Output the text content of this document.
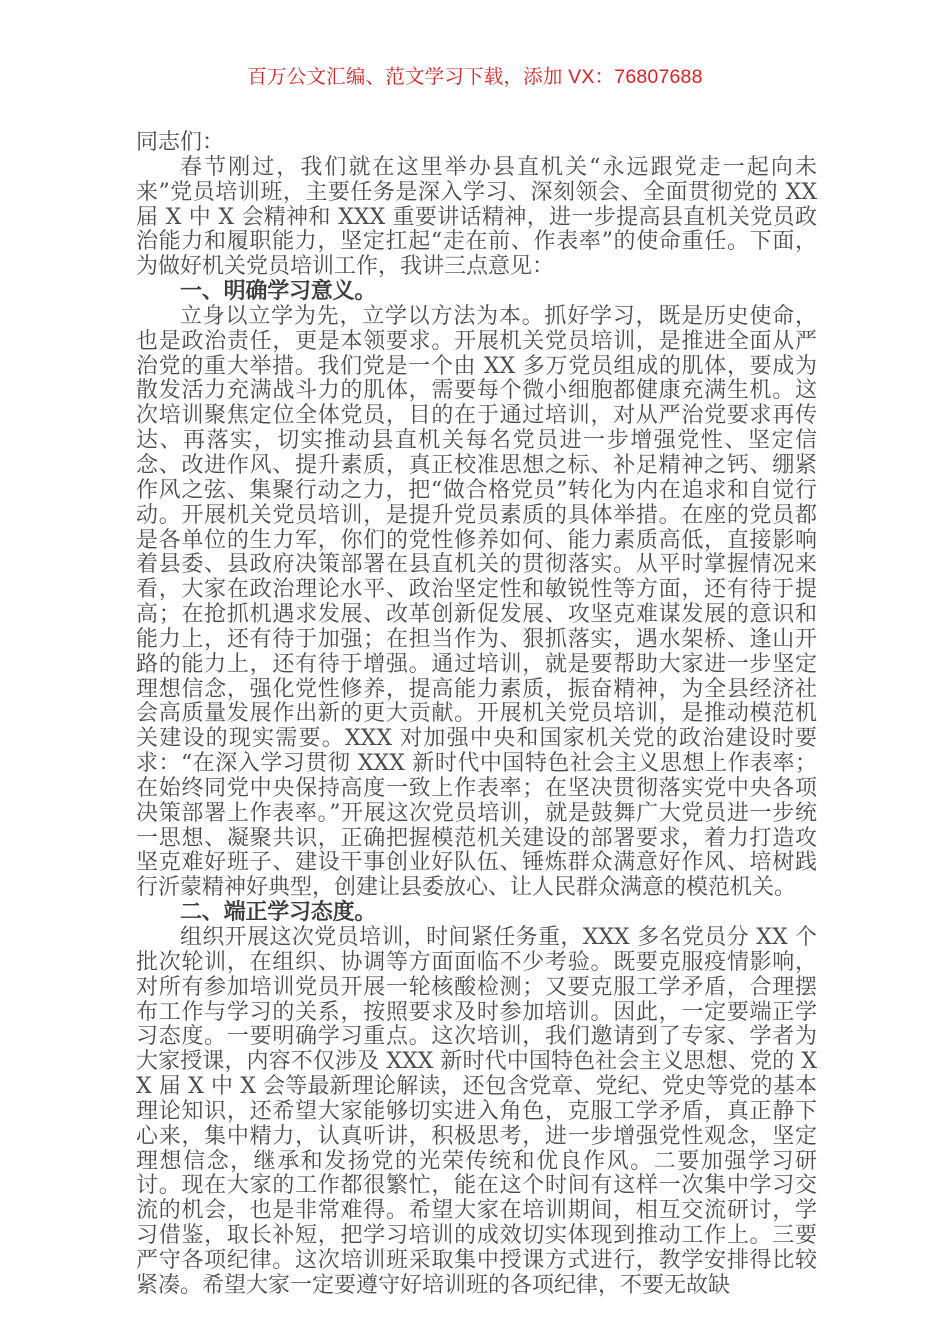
百万公文汇编、范文学习下载，添加 VX：76807688

同志们：

春节刚过，我们就在这里举办县直机关“永远跟党走一起向未来”党员培训班，主要任务是深入学习、深刻领会、全面贯彻党的 XX 届 X 中 X 会精神和 XXX 重要讲话精神，进一步提高县直机关党员政治能力和履职能力，坚定扛起“走在前、作表率”的使命重任。下面，为做好机关党员培训工作，我讲三点意见：

一、明确学习意义。

立身以立学为先，立学以方法为本。抓好学习，既是历史使命，也是政治责任，更是本领要求。开展机关党员培训，是推进全面从严治党的重大举措。我们党是一个由 XX 多万党员组成的肌体，要成为散发活力充满战斗力的肌体，需要每个微小细胞都健康充满生机。这次培训聚焦定位全体党员，目的在于通过培训，对从严治党要求再传达、再落实，切实推动县直机关每名党员进一步增强党性、坚定信念、改进作风、提升素质，真正校准思想之标、补足精神之钙、绷紧作风之弦、集聚行动之力，把“做合格党员”转化为内在追求和自觉行动。开展机关党员培训，是提升党员素质的具体举措。在座的党员都是各单位的生力军，你们的党性修养如何、能力素质高低，直接影响着县委、县政府决策部署在县直机关的贯彻落实。从平时掌握情况来看，大家在政治理论水平、政治坚定性和敏锐性等方面，还有待于提高；在抢抓机遇求发展、改革创新促发展、攻坚克难谋发展的意识和能力上，还有待于加强；在担当作为、狠抓落实，遇水架桥、逢山开路的能力上，还有待于增强。通过培训，就是要帮助大家进一步坚定理想信念，强化党性修养，提高能力素质，振奋精神，为全县经济社会高质量发展作出新的更大贡献。开展机关党员培训，是推动模范机关建设的现实需要。XXX 对加强中央和国家机关党的政治建设时要求：“在深入学习贯彻 XXX 新时代中国特色社会主义思想上作表率；在始终同党中央保持高度一致上作表率；在坚决贯彻落实党中央各项决策部署上作表率。”开展这次党员培训，就是鼓舞广大党员进一步统一思想、凝聚共识，正确把握模范机关建设的部署要求，着力打造攻坚克难好班子、建设干事创业好队伍、锤炼群众满意好作风、培树践行沂蒙精神好典型，创建让县委放心、让人民群众满意的模范机关。

二、端正学习态度。

组织开展这次党员培训，时间紧任务重，XXX 多名党员分 XX 个批次轮训，在组织、协调等方面面临不少考验。既要克服疫情影响，对所有参加培训党员开展一轮核酸检测；又要克服工学矛盾，合理摆布工作与学习的关系，按照要求及时参加培训。因此，一定要端正学习态度。一要明确学习重点。这次培训，我们邀请到了专家、学者为大家授课，内容不仅涉及 XXX 新时代中国特色社会主义思想、党的 XX 届 X 中 X 会等最新理论解读，还包含党章、党纪、党史等党的基本理论知识，还希望大家能够切实进入角色，克服工学矛盾，真正静下心来，集中精力，认真听讲，积极思考，进一步增强党性观念，坚定理想信念，继承和发扬党的光荣传统和优良作风。二要加强学习研讨。现在大家的工作都很繁忙，能在这个时间有这样一次集中学习交流的机会，也是非常难得。希望大家在培训期间，相互交流研讨，学习借鉴，取长补短，把学习培训的成效切实体现到推动工作上。三要严守各项纪律。这次培训班采取集中授课方式进行，教学安排得比较紧凑。希望大家一定要遵守好培训班的各项纪律，不要无故缺
